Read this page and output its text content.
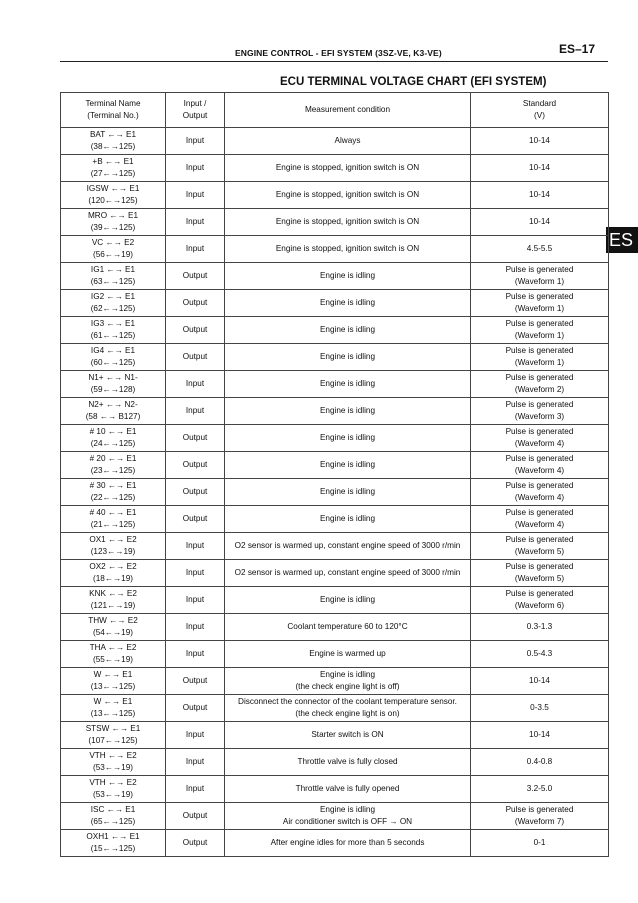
ENGINE CONTROL - EFI SYSTEM (3SZ-VE, K3-VE)	ES–17
ECU TERMINAL VOLTAGE CHART (EFI SYSTEM)
ES
Terminal Name
(Terminal No.)	Input /
Output	Measurement condition	Standard
(V)

BAT ←→ E1
(38←→125)	Input	Always	10-14

+B ←→ E1
(27←→125)	Input	Engine is stopped, ignition switch is ON	10-14

IGSW ←→ E1
(120←→125)	Input	Engine is stopped, ignition switch is ON	10-14

MRO ←→ E1
(39←→125)	Input	Engine is stopped, ignition switch is ON	10-14

VC ←→ E2
(56←→19)	Input	Engine is stopped, ignition switch is ON	4.5-5.5

IG1 ←→ E1
(63←→125)	Output	Engine is idling	Pulse is generated
(Waveform 1)

IG2 ←→ E1
(62←→125)	Output	Engine is idling	Pulse is generated
(Waveform 1)

IG3 ←→ E1
(61←→125)	Output	Engine is idling	Pulse is generated
(Waveform 1)

IG4 ←→ E1
(60←→125)	Output	Engine is idling	Pulse is generated
(Waveform 1)

N1+ ←→ N1-
(59←→128)	Input	Engine is idling	Pulse is generated
(Waveform 2)

N2+ ←→ N2-
(58 ←→ B127)	Input	Engine is idling	Pulse is generated
(Waveform 3)

# 10 ←→ E1
(24←→125)	Output	Engine is idling	Pulse is generated
(Waveform 4)

# 20 ←→ E1
(23←→125)	Output	Engine is idling	Pulse is generated
(Waveform 4)

# 30 ←→ E1
(22←→125)	Output	Engine is idling	Pulse is generated
(Waveform 4)

# 40 ←→ E1
(21←→125)	Output	Engine is idling	Pulse is generated
(Waveform 4)

OX1 ←→ E2
(123←→19)	Input	O2 sensor is warmed up, constant engine speed of 3000 r/min	Pulse is generated
(Waveform 5)

OX2 ←→ E2
(18←→19)	Input	O2 sensor is warmed up, constant engine speed of 3000 r/min	Pulse is generated
(Waveform 5)

KNK ←→ E2
(121←→19)	Input	Engine is idling	Pulse is generated
(Waveform 6)

THW ←→ E2
(54←→19)	Input	Coolant temperature 60 to 120°C	0.3-1.3

THA ←→ E2
(55←→19)	Input	Engine is warmed up	0.5-4.3

W ←→ E1
(13←→125)	Output	Engine is idling
(the check engine light is off)	10-14

W ←→ E1
(13←→125)	Output	Disconnect the connector of the coolant temperature sensor.
(the check engine light is on)	0-3.5

STSW ←→ E1
(107←→125)	Input	Starter switch is ON	10-14

VTH ←→ E2
(53←→19)	Input	Throttle valve is fully closed	0.4-0.8

VTH ←→ E2
(53←→19)	Input	Throttle valve is fully opened	3.2-5.0

ISC ←→ E1
(65←→125)	Output	Engine is idling
Air conditioner switch is OFF → ON	Pulse is generated
(Waveform 7)

OXH1 ←→ E1
(15←→125)	Output	After engine idles for more than 5 seconds	0-1
